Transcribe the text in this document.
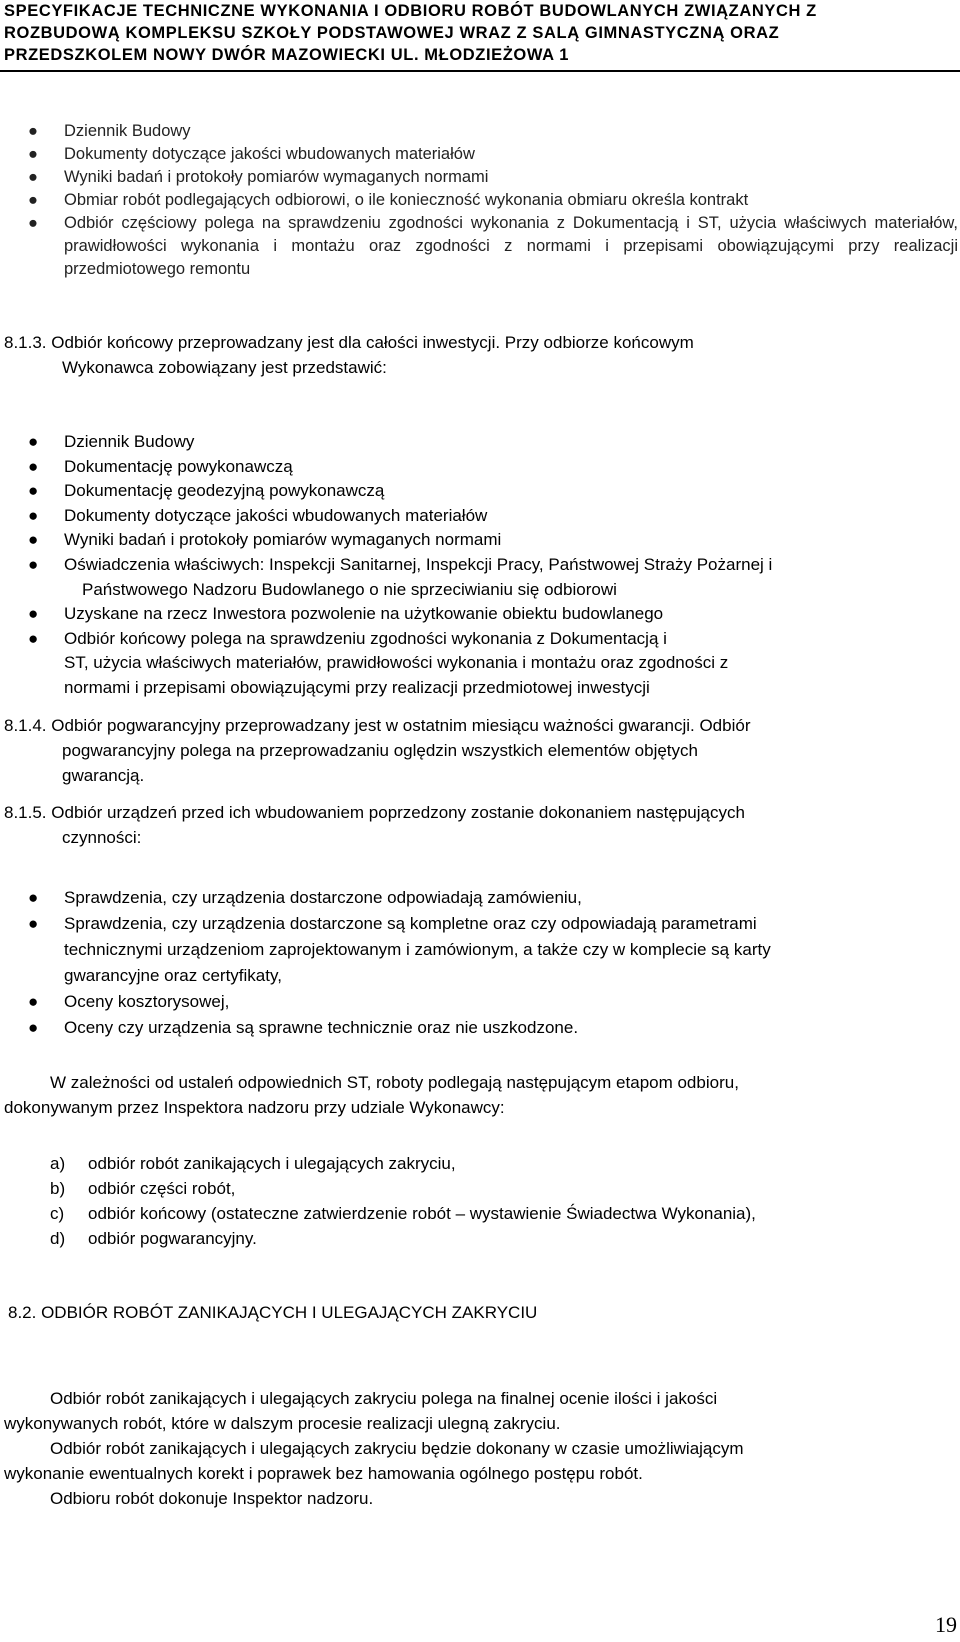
SPECYFIKACJE TECHNICZNE WYKONANIA I ODBIORU ROBÓT BUDOWLANYCH ZWIĄZANYCH Z
ROZBUDOWĄ KOMPLEKSU SZKOŁY PODSTAWOWEJ WRAZ Z SALĄ GIMNASTYCZNĄ ORAZ
PRZEDSZKOLEM NOWY DWÓR MAZOWIECKI UL. MŁODZIEŻOWA 1
● Dziennik Budowy
● Dokumenty dotyczące jakości wbudowanych materiałów
● Wyniki badań i protokoły pomiarów wymaganych normami
● Obmiar robót podlegających odbiorowi, o ile konieczność wykonania obmiaru określa kontrakt
● Odbiór częściowy polega na sprawdzeniu zgodności wykonania z Dokumentacją i ST, użycia właściwych materiałów, prawidłowości wykonania i montażu oraz zgodności z normami i przepisami obowiązującymi przy realizacji przedmiotowego remontu
8.1.3. Odbiór końcowy przeprowadzany jest dla całości inwestycji. Przy odbiorze końcowym
Wykonawca zobowiązany jest przedstawić:
● Dziennik Budowy
● Dokumentację powykonawczą
● Dokumentację geodezyjną powykonawczą
● Dokumenty dotyczące jakości wbudowanych materiałów
● Wyniki badań i protokoły pomiarów wymaganych normami
● Oświadczenia właściwych: Inspekcji Sanitarnej, Inspekcji Pracy, Państwowej Straży Pożarnej i
Państwowego Nadzoru Budowlanego o nie sprzeciwianiu się odbiorowi
● Uzyskane na rzecz Inwestora pozwolenie na użytkowanie obiektu budowlanego
● Odbiór końcowy polega na sprawdzeniu zgodności wykonania z Dokumentacją i
ST, użycia właściwych materiałów, prawidłowości wykonania i montażu oraz zgodności z
normami i przepisami obowiązującymi przy realizacji przedmiotowej inwestycji
8.1.4. Odbiór pogwarancyjny przeprowadzany jest w ostatnim miesiącu ważności gwarancji. Odbiór
pogwarancyjny polega na przeprowadzaniu oględzin wszystkich elementów objętych
gwarancją.
8.1.5. Odbiór urządzeń przed ich wbudowaniem poprzedzony zostanie dokonaniem następujących
czynności:
● Sprawdzenia, czy urządzenia dostarczone odpowiadają zamówieniu,
● Sprawdzenia, czy urządzenia dostarczone są kompletne oraz czy odpowiadają parametrami
technicznymi urządzeniom zaprojektowanym i zamówionym, a także czy w komplecie są karty
gwarancyjne oraz certyfikaty,
● Oceny kosztorysowej,
● Oceny czy urządzenia są sprawne technicznie oraz nie uszkodzone.
W zależności od ustaleń odpowiednich ST, roboty podlegają następującym etapom odbioru,
dokonywanym przez Inspektora nadzoru przy udziale Wykonawcy:
a) odbiór robót zanikających i ulegających zakryciu,
b) odbiór części robót,
c) odbiór końcowy (ostateczne zatwierdzenie robót – wystawienie Świadectwa Wykonania),
d) odbiór pogwarancyjny.
8.2. ODBIÓR ROBÓT ZANIKAJĄCYCH I ULEGAJĄCYCH ZAKRYCIU
Odbiór robót zanikających i ulegających zakryciu polega na finalnej ocenie ilości i jakości
wykonywanych robót, które w dalszym procesie realizacji ulegną zakryciu.
Odbiór robót zanikających i ulegających zakryciu będzie dokonany w czasie umożliwiającym
wykonanie ewentualnych korekt i poprawek bez hamowania ogólnego postępu robót.
Odbioru robót dokonuje Inspektor nadzoru.
19
